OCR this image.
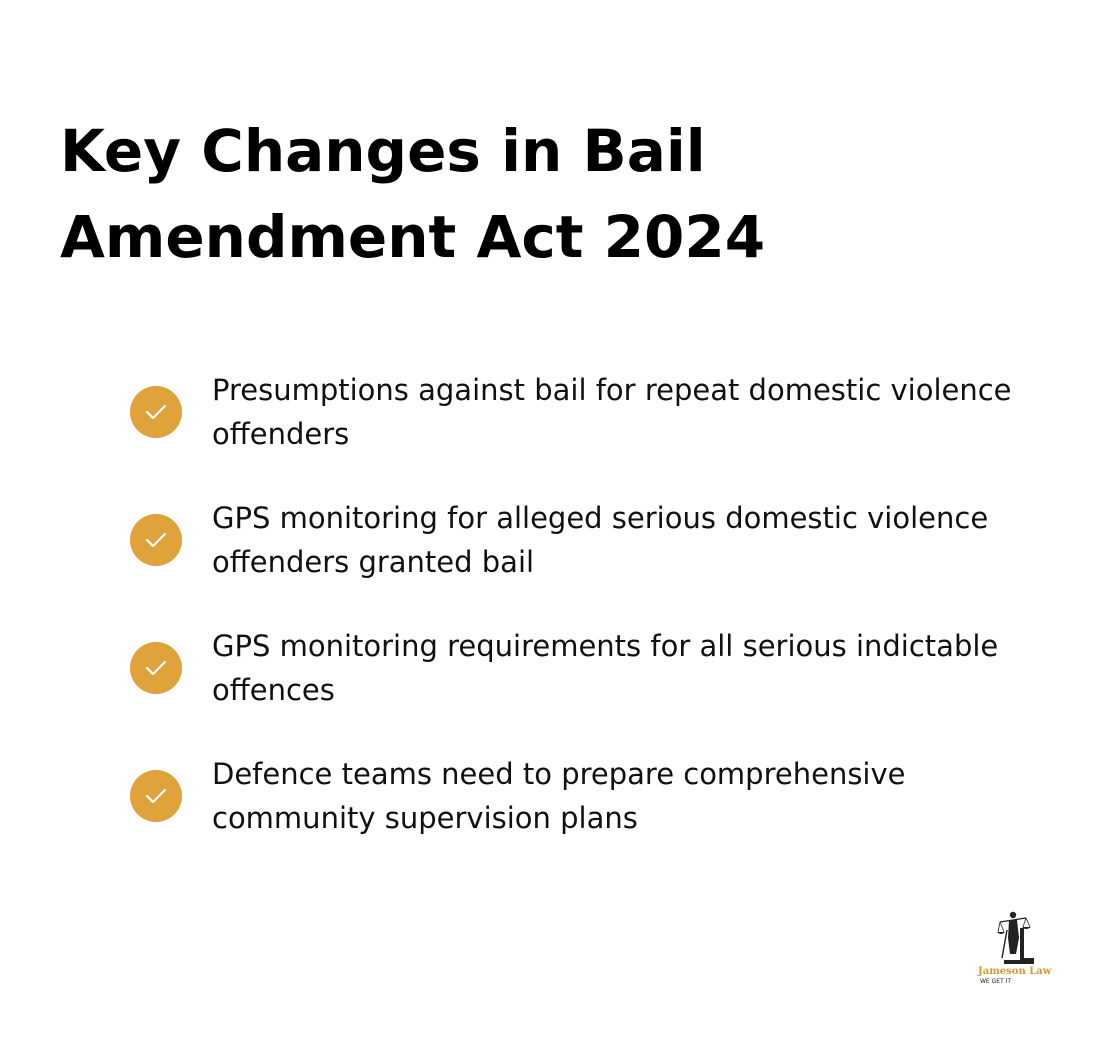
Key Changes in Bail
Amendment Act 2024
Presumptions against bail for repeat domestic violence
offenders
GPS monitoring for alleged serious domestic violence
offenders granted bail
GPS monitoring requirements for all serious indictable
offences
Defence teams need to prepare comprehensive
community supervision plans
Jameson Law
WE GET IT
